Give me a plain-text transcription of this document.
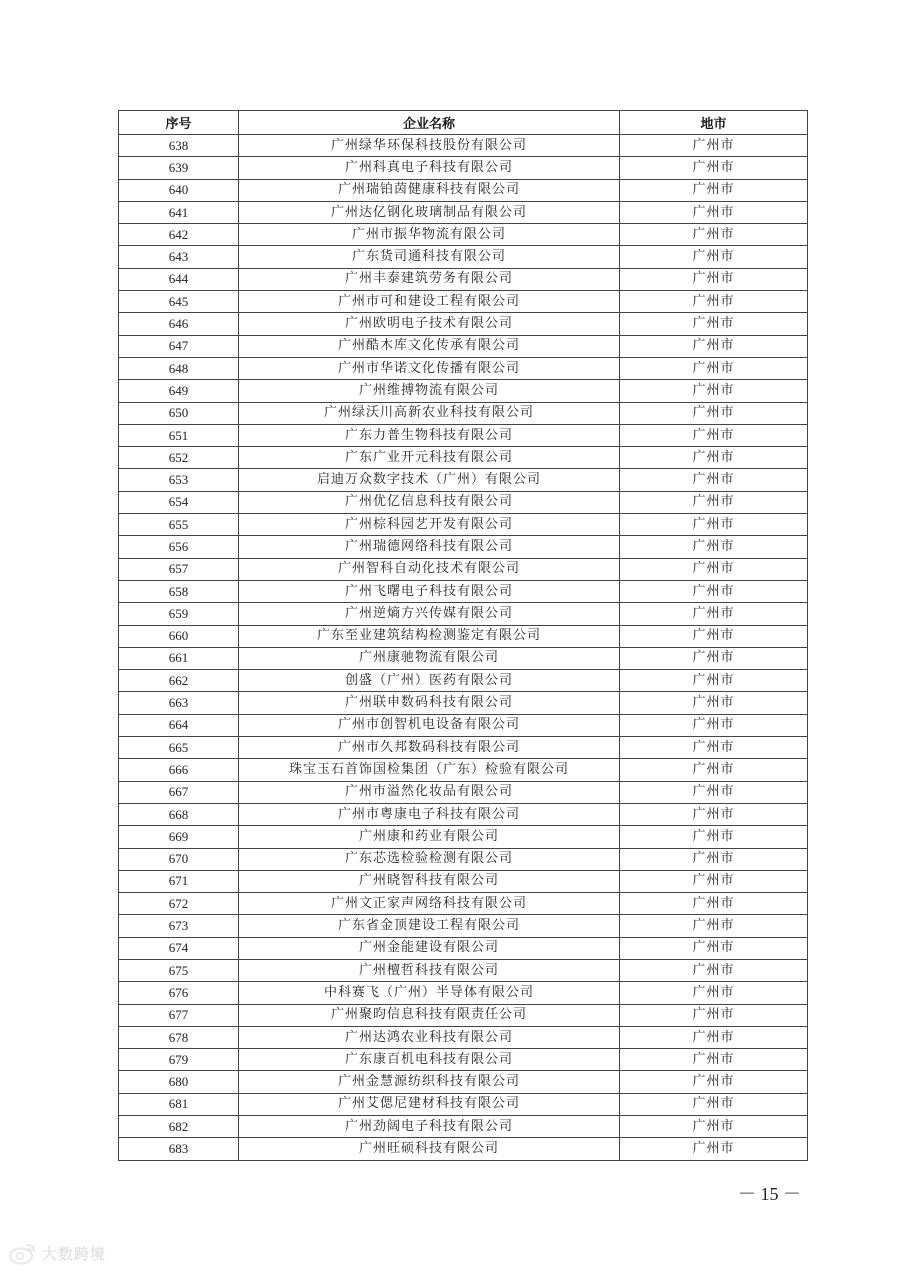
序号	企业名称	地市
638	广州绿华环保科技股份有限公司	广州市
639	广州科真电子科技有限公司	广州市
640	广州瑞铂茵健康科技有限公司	广州市
641	广州达亿钢化玻璃制品有限公司	广州市
642	广州市振华物流有限公司	广州市
643	广东货司通科技有限公司	广州市
644	广州丰泰建筑劳务有限公司	广州市
645	广州市可和建设工程有限公司	广州市
646	广州欧明电子技术有限公司	广州市
647	广州酷木库文化传承有限公司	广州市
648	广州市华诺文化传播有限公司	广州市
649	广州维搏物流有限公司	广州市
650	广州绿沃川高新农业科技有限公司	广州市
651	广东力普生物科技有限公司	广州市
652	广东广业开元科技有限公司	广州市
653	启迪万众数字技术（广州）有限公司	广州市
654	广州优亿信息科技有限公司	广州市
655	广州棕科园艺开发有限公司	广州市
656	广州瑞德网络科技有限公司	广州市
657	广州智科自动化技术有限公司	广州市
658	广州飞曙电子科技有限公司	广州市
659	广州逆熵方兴传媒有限公司	广州市
660	广东至业建筑结构检测鉴定有限公司	广州市
661	广州康驰物流有限公司	广州市
662	创盛（广州）医药有限公司	广州市
663	广州联申数码科技有限公司	广州市
664	广州市创智机电设备有限公司	广州市
665	广州市久邦数码科技有限公司	广州市
666	珠宝玉石首饰国检集团（广东）检验有限公司	广州市
667	广州市溢然化妆品有限公司	广州市
668	广州市粤康电子科技有限公司	广州市
669	广州康和药业有限公司	广州市
670	广东芯选检验检测有限公司	广州市
671	广州晓智科技有限公司	广州市
672	广州文正家声网络科技有限公司	广州市
673	广东省金顶建设工程有限公司	广州市
674	广州金能建设有限公司	广州市
675	广州檀哲科技有限公司	广州市
676	中科赛飞（广州）半导体有限公司	广州市
677	广州聚昀信息科技有限责任公司	广州市
678	广州达鸿农业科技有限公司	广州市
679	广东康百机电科技有限公司	广州市
680	广州金慧源纺织科技有限公司	广州市
681	广州艾偲尼建材科技有限公司	广州市
682	广州劲阔电子科技有限公司	广州市
683	广州旺硕科技有限公司	广州市
－ 15 －
大数跨境
